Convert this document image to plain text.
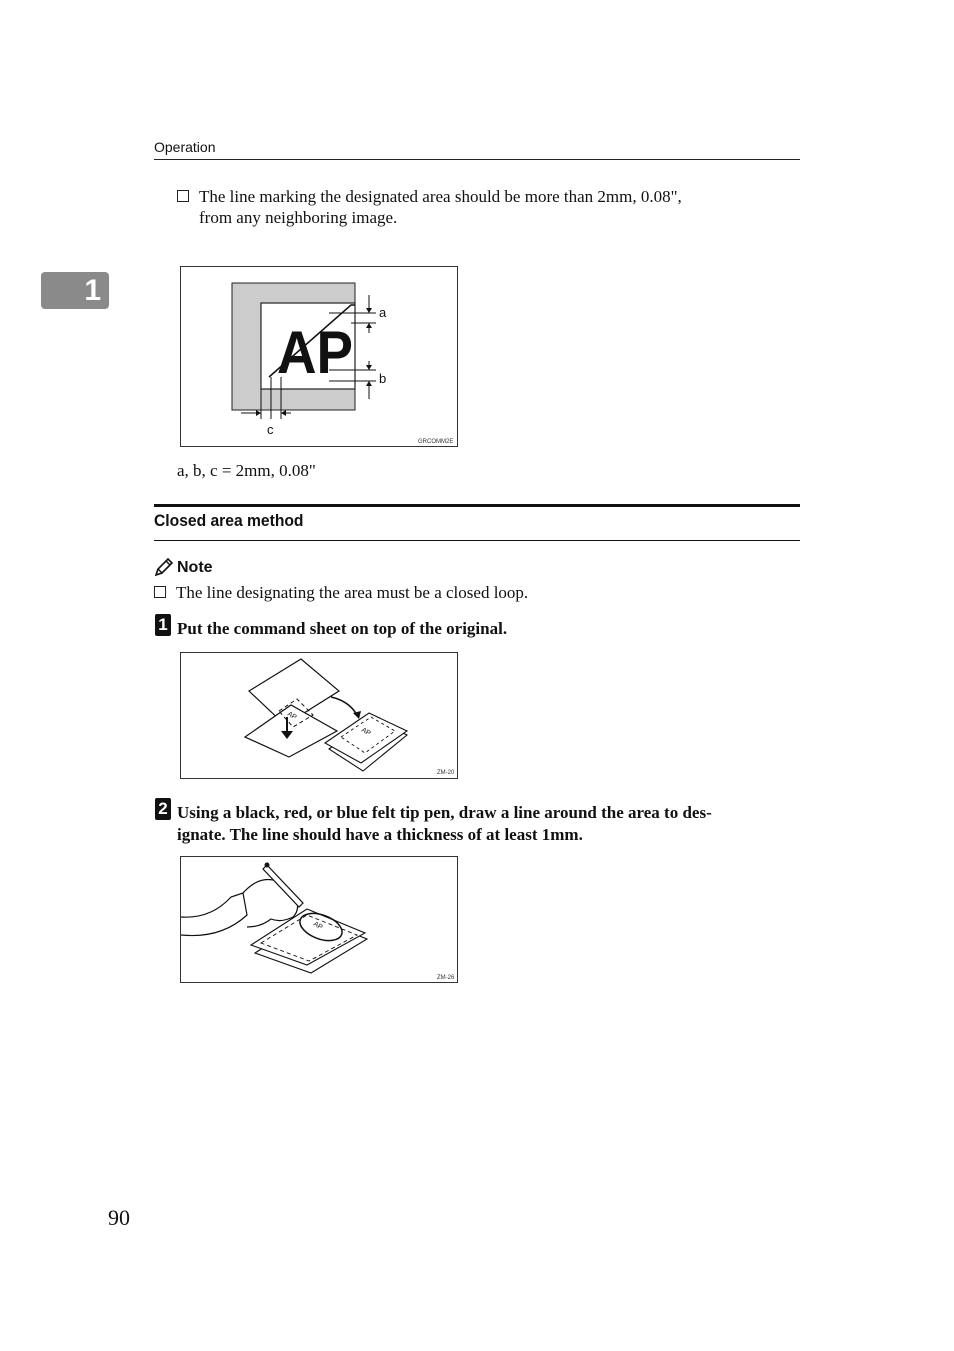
Operation
1
The line marking the designated area should be more than 2mm, 0.08",
from any neighboring image.
AP
a
b
c
GRCOMM2E
a, b, c = 2mm, 0.08"
Closed area method
Note
The line designating the area must be a closed loop.
1 Put the command sheet on top of the original.
AP
AP
ZM-20
2 Using a black, red, or blue felt tip pen, draw a line around the area to des-
ignate. The line should have a thickness of at least 1mm.
AP
ZM-26
90
